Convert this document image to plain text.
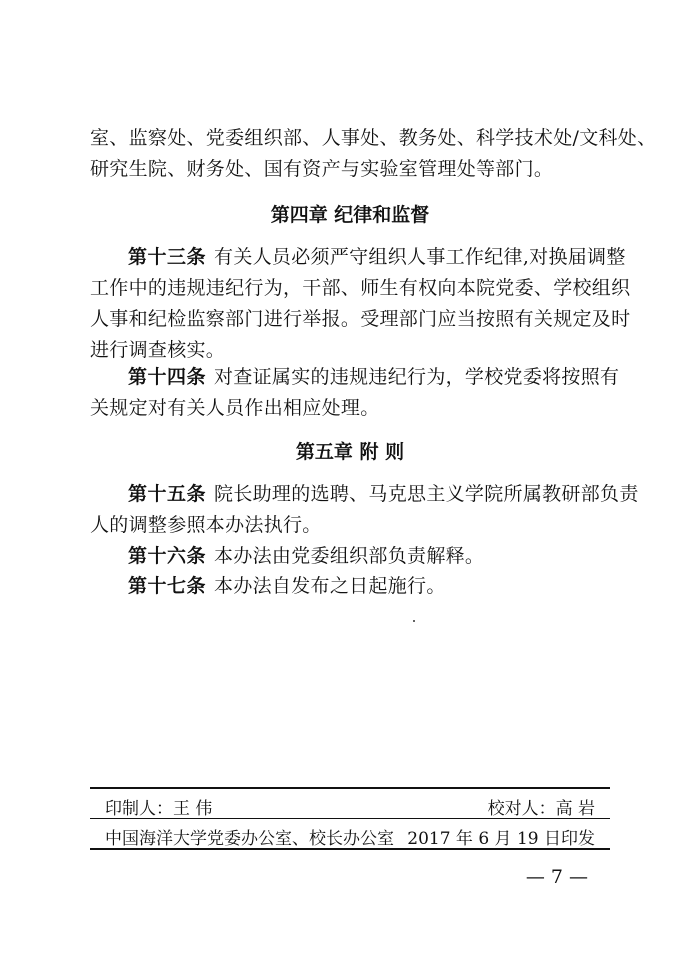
室、监察处、党委组织部、人事处、教务处、科学技术处/文科处、
研究生院、财务处、国有资产与实验室管理处等部门。
第四章 纪律和监督
第十三条 有关人员必须严守组织人事工作纪律,对换届调整
工作中的违规违纪行为，干部、师生有权向本院党委、学校组织
人事和纪检监察部门进行举报。受理部门应当按照有关规定及时
进行调查核实。
第十四条 对查证属实的违规违纪行为，学校党委将按照有
关规定对有关人员作出相应处理。
第五章 附 则
第十五条 院长助理的选聘、马克思主义学院所属教研部负责
人的调整参照本办法执行。
第十六条 本办法由党委组织部负责解释。
第十七条 本办法自发布之日起施行。
印制人：王 伟	校对人：高 岩
中国海洋大学党委办公室、校长办公室 2017 年 6 月 19 日印发
— 7 —
